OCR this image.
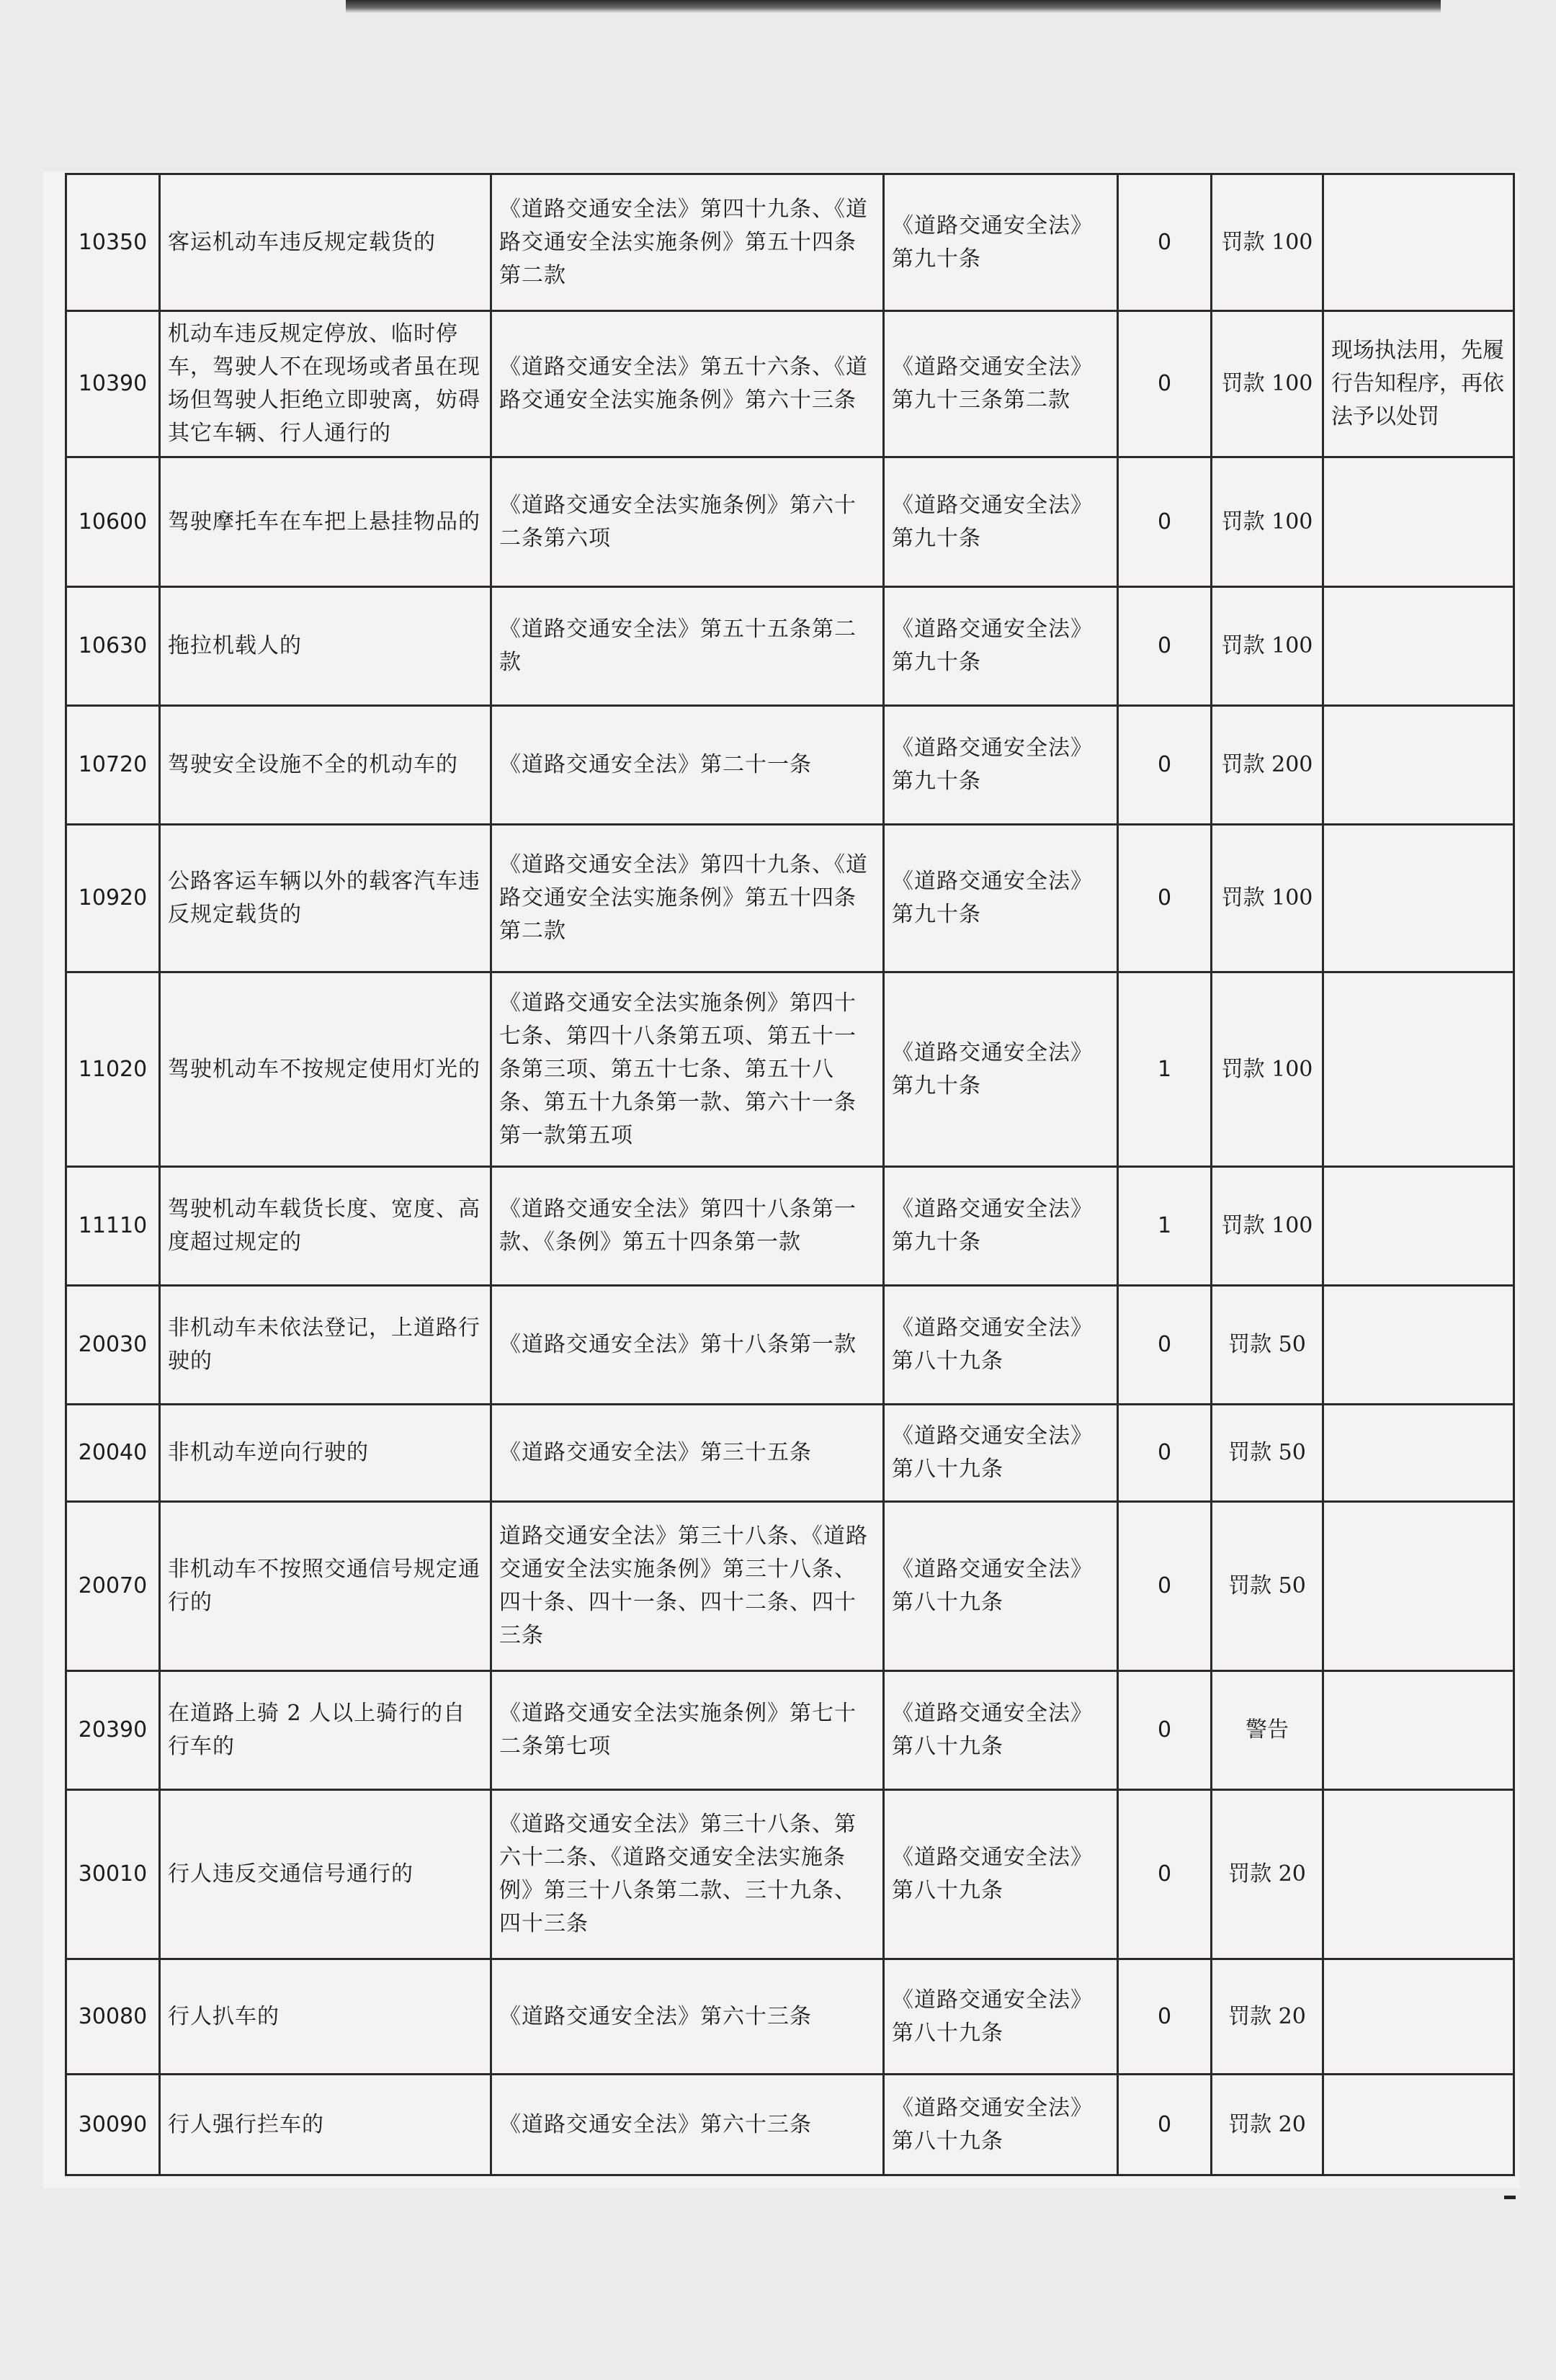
10350	客运机动车违反规定载货的	《道路交通安全法》第四十九条、《道路交通安全法实施条例》第五十四条第二款	《道路交通安全法》第九十条	0	罚款 100	
10390	机动车违反规定停放、临时停车，驾驶人不在现场或者虽在现场但驾驶人拒绝立即驶离，妨碍其它车辆、行人通行的	《道路交通安全法》第五十六条、《道路交通安全法实施条例》第六十三条	《道路交通安全法》第九十三条第二款	0	罚款 100	现场执法用，先履行告知程序，再依法予以处罚
10600	驾驶摩托车在车把上悬挂物品的	《道路交通安全法实施条例》第六十二条第六项	《道路交通安全法》第九十条	0	罚款 100	
10630	拖拉机载人的	《道路交通安全法》第五十五条第二款	《道路交通安全法》第九十条	0	罚款 100	
10720	驾驶安全设施不全的机动车的	《道路交通安全法》第二十一条	《道路交通安全法》第九十条	0	罚款 200	
10920	公路客运车辆以外的载客汽车违反规定载货的	《道路交通安全法》第四十九条、《道路交通安全法实施条例》第五十四条第二款	《道路交通安全法》第九十条	0	罚款 100	
11020	驾驶机动车不按规定使用灯光的	《道路交通安全法实施条例》第四十七条、第四十八条第五项、第五十一条第三项、第五十七条、第五十八条、第五十九条第一款、第六十一条第一款第五项	《道路交通安全法》第九十条	1	罚款 100	
11110	驾驶机动车载货长度、宽度、高度超过规定的	《道路交通安全法》第四十八条第一款、《条例》第五十四条第一款	《道路交通安全法》第九十条	1	罚款 100	
20030	非机动车未依法登记，上道路行驶的	《道路交通安全法》第十八条第一款	《道路交通安全法》第八十九条	0	罚款 50	
20040	非机动车逆向行驶的	《道路交通安全法》第三十五条	《道路交通安全法》第八十九条	0	罚款 50	
20070	非机动车不按照交通信号规定通行的	道路交通安全法》第三十八条、《道路交通安全法实施条例》第三十八条、四十条、四十一条、四十二条、四十三条	《道路交通安全法》第八十九条	0	罚款 50	
20390	在道路上骑 2 人以上骑行的自行车的	《道路交通安全法实施条例》第七十二条第七项	《道路交通安全法》第八十九条	0	警告	
30010	行人违反交通信号通行的	《道路交通安全法》第三十八条、第六十二条、《道路交通安全法实施条例》第三十八条第二款、三十九条、四十三条	《道路交通安全法》第八十九条	0	罚款 20	
30080	行人扒车的	《道路交通安全法》第六十三条	《道路交通安全法》第八十九条	0	罚款 20	
30090	行人强行拦车的	《道路交通安全法》第六十三条	《道路交通安全法》第八十九条	0	罚款 20	
